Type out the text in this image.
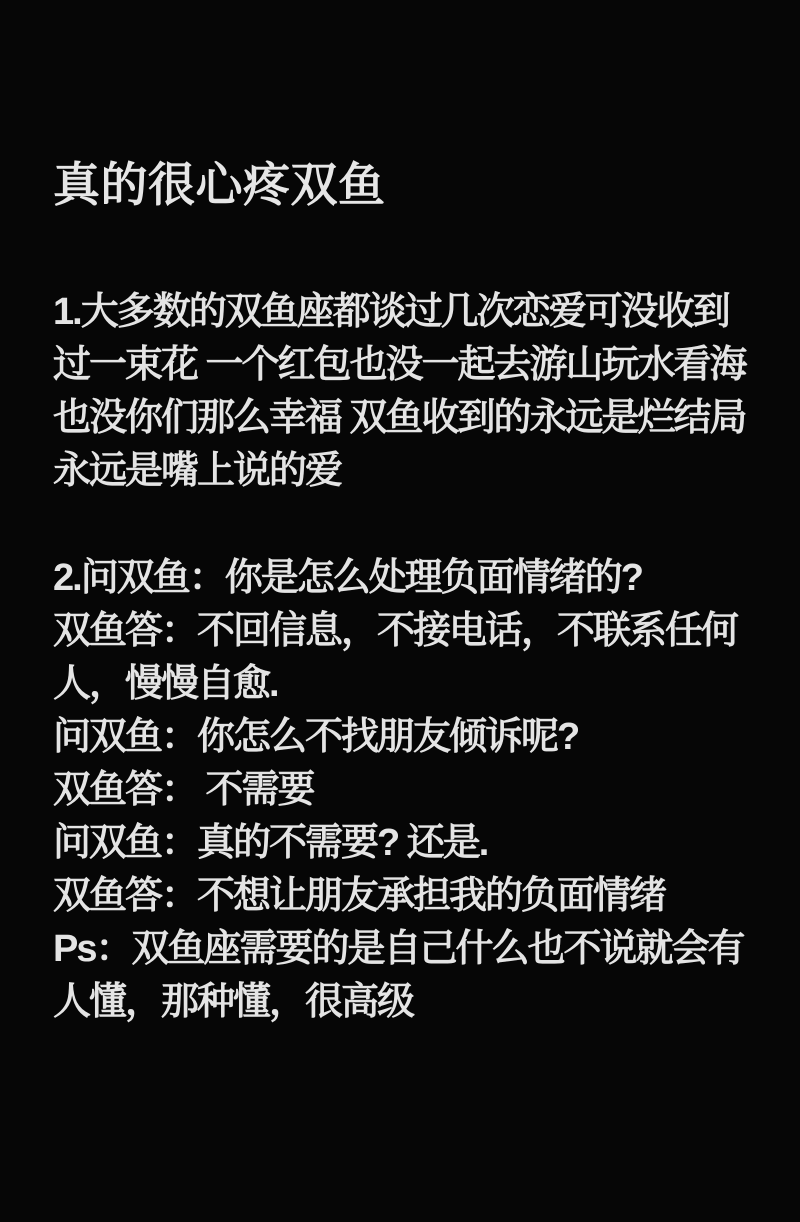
真的很心疼双鱼
1.大多数的双鱼座都谈过几次恋爱可没收到
过一束花 一个红包也没一起去游山玩水看海
也没你们那么幸福 双鱼收到的永远是烂结局
永远是嘴上说的爱
2.问双鱼：你是怎么处理负面情绪的?
双鱼答：不回信息，不接电话，不联系任何
人，慢慢自愈.
问双鱼：你怎么不找朋友倾诉呢?
双鱼答： 不需要
问双鱼：真的不需要? 还是.
双鱼答：不想让朋友承担我的负面情绪
Ps：双鱼座需要的是自己什么也不说就会有
人懂，那种懂，很高级
